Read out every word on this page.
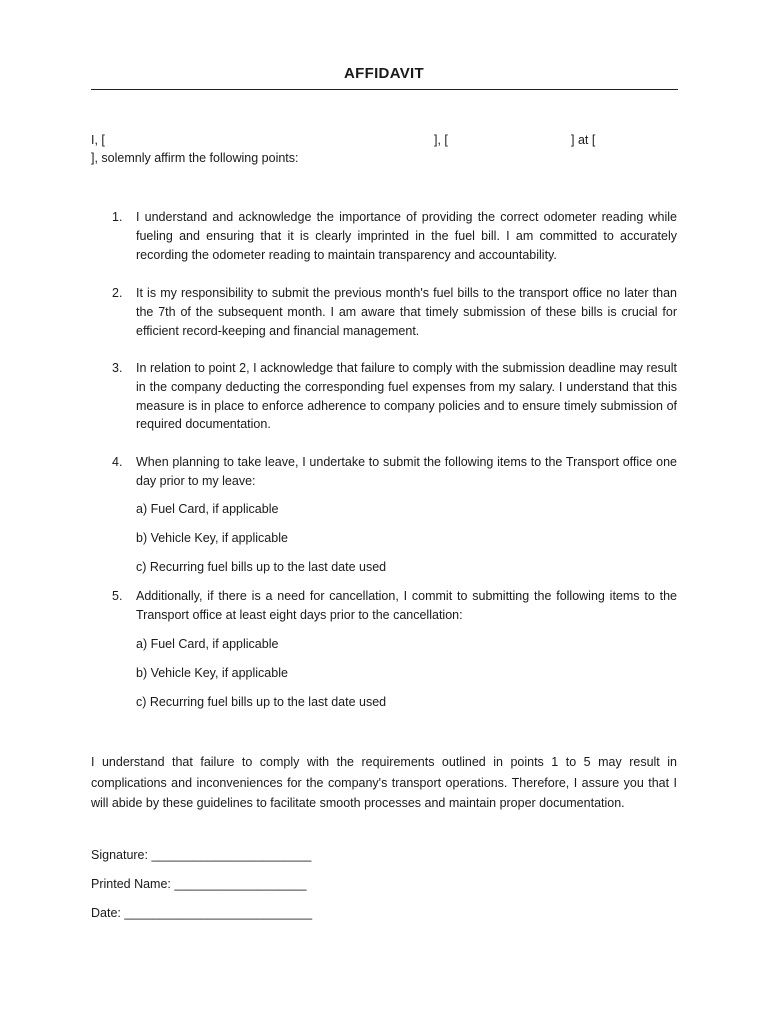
AFFIDAVIT
I, [	], [	] at [
], solemnly affirm the following points:
1. I understand and acknowledge the importance of providing the correct odometer reading while fueling and ensuring that it is clearly imprinted in the fuel bill. I am committed to accurately recording the odometer reading to maintain transparency and accountability.
2. It is my responsibility to submit the previous month's fuel bills to the transport office no later than the 7th of the subsequent month. I am aware that timely submission of these bills is crucial for efficient record-keeping and financial management.
3. In relation to point 2, I acknowledge that failure to comply with the submission deadline may result in the company deducting the corresponding fuel expenses from my salary. I understand that this measure is in place to enforce adherence to company policies and to ensure timely submission of required documentation.
4. When planning to take leave, I undertake to submit the following items to the Transport office one day prior to my leave:
a) Fuel Card, if applicable
b) Vehicle Key, if applicable
c) Recurring fuel bills up to the last date used
5. Additionally, if there is a need for cancellation, I commit to submitting the following items to the Transport office at least eight days prior to the cancellation:
a) Fuel Card, if applicable
b) Vehicle Key, if applicable
c) Recurring fuel bills up to the last date used
I understand that failure to comply with the requirements outlined in points 1 to 5 may result in complications and inconveniences for the company's transport operations. Therefore, I assure you that I will abide by these guidelines to facilitate smooth processes and maintain proper documentation.
Signature: _______________________
Printed Name: ___________________
Date: ___________________________
